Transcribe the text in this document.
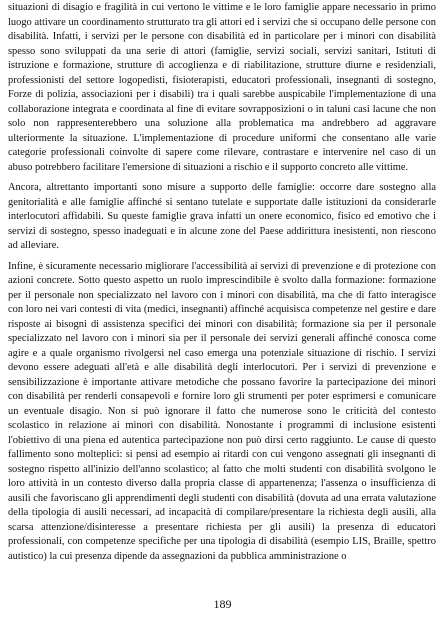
situazioni di disagio e fragilità in cui vertono le vittime e le loro famiglie appare necessario in primo luogo attivare un coordinamento strutturato tra gli attori ed i servizi che si occupano delle persone con disabilità. Infatti, i servizi per le persone con disabilità ed in particolare per i minori con disabilità spesso sono sviluppati da una serie di attori (famiglie, servizi sociali, servizi sanitari, Istituti di istruzione e formazione, strutture di accoglienza e di riabilitazione, strutture diurne e residenziali, professionisti del settore logopedisti, fisioterapisti, educatori professionali, insegnanti di sostegno, Forze di polizia, associazioni per i disabili) tra i quali sarebbe auspicabile l'implementazione di una collaborazione integrata e coordinata al fine di evitare sovrapposizioni o in taluni casi lacune che non solo non rappresenterebbero una soluzione alla problematica ma andrebbero ad aggravare ulteriormente la situazione. L'implementazione di procedure uniformi che consentano alle varie categorie professionali coinvolte di sapere come rilevare, contrastare e intervenire nel caso di un abuso potrebbero facilitare l'emersione di situazioni a rischio e il supporto concreto alle vittime.

Ancora, altrettanto importanti sono misure a supporto delle famiglie: occorre dare sostegno alla genitorialità e alle famiglie affinché si sentano tutelate e supportate dalle istituzioni da considerarle interlocutori affidabili. Su queste famiglie grava infatti un onere economico, fisico ed emotivo che i servizi di sostegno, spesso inadeguati e in alcune zone del Paese addirittura inesistenti, non riescono ad alleviare.

Infine, è sicuramente necessario migliorare l'accessibilità ai servizi di prevenzione e di protezione con azioni concrete. Sotto questo aspetto un ruolo imprescindibile è svolto dalla formazione: formazione per il personale non specializzato nel lavoro con i minori con disabilità, ma che di fatto interagisce con loro nei vari contesti di vita (medici, insegnanti) affinché acquisisca competenze nel gestire e dare risposte ai bisogni di assistenza specifici dei minori con disabilità; formazione sia per il personale specializzato nel lavoro con i minori sia per il personale dei servizi generali affinché conosca come agire e a quale organismo rivolgersi nel caso emerga una potenziale situazione di rischio. I servizi devono essere adeguati all'età e alle disabilità degli interlocutori. Per i servizi di prevenzione e sensibilizzazione è importante attivare metodiche che possano favorire la partecipazione dei minori con disabilità per renderli consapevoli e fornire loro gli strumenti per poter esprimersi e comunicare un eventuale disagio. Non si può ignorare il fatto che numerose sono le criticità del contesto scolastico in relazione ai minori con disabilità. Nonostante i programmi di inclusione esistenti l'obiettivo di una piena ed autentica partecipazione non può dirsi certo raggiunto. Le cause di questo fallimento sono molteplici: si pensi ad esempio ai ritardi con cui vengono assegnati gli insegnanti di sostegno rispetto all'inizio dell'anno scolastico; al fatto che molti studenti con disabilità svolgono le loro attività in un contesto diverso dalla propria classe di appartenenza; l'assenza o insufficienza di ausili che favoriscano gli apprendimenti degli studenti con disabilità (dovuta ad una errata valutazione della tipologia di ausili necessari, ad incapacità di compilare/presentare la richiesta degli ausili, alla scarsa attenzione/disinteresse a presentare richiesta per gli ausili) la presenza di educatori professionali, con competenze specifiche per una tipologia di disabilità (esempio LIS, Braille, spettro autistico) la cui presenza dipende da assegnazioni da pubblica amministrazione o

189
